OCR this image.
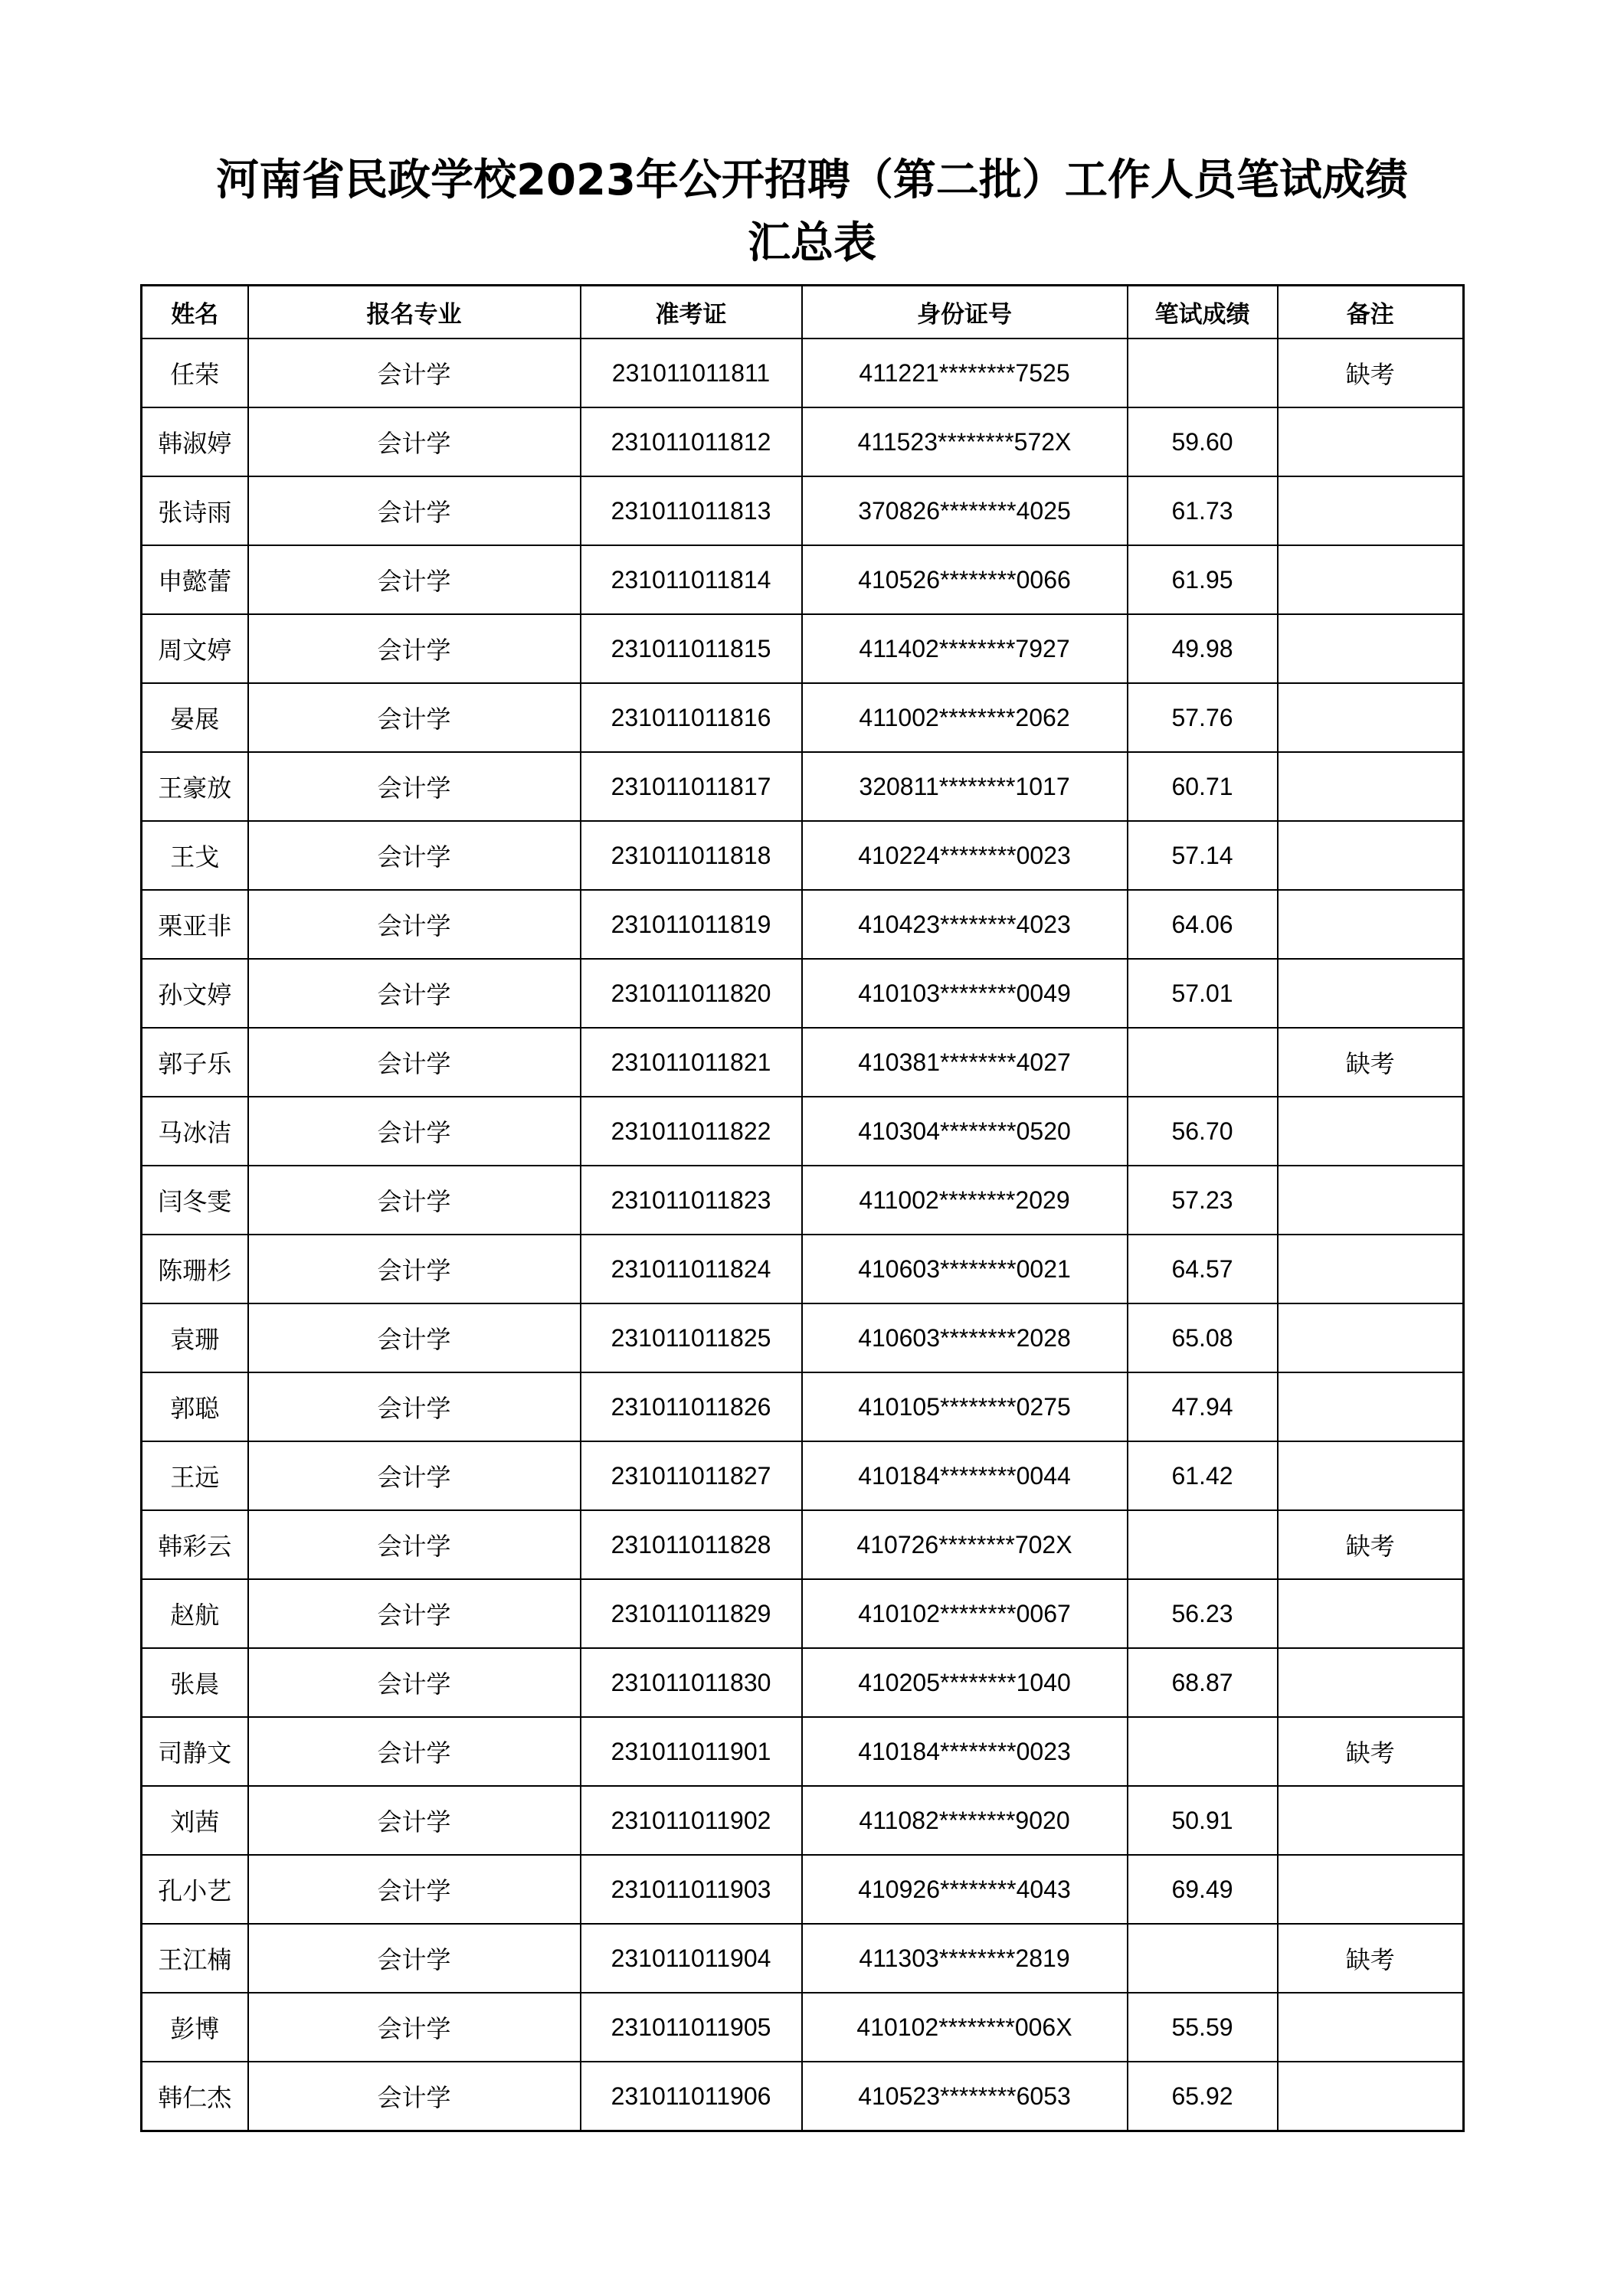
河南省民政学校2023年公开招聘（第二批）工作人员笔试成绩
汇总表
姓名	报名专业	准考证	身份证号	笔试成绩	备注
任荣	会计学	231011011811	411221********7525		缺考
韩淑婷	会计学	231011011812	411523********572X	59.60	
张诗雨	会计学	231011011813	370826********4025	61.73	
申懿蕾	会计学	231011011814	410526********0066	61.95	
周文婷	会计学	231011011815	411402********7927	49.98	
晏展	会计学	231011011816	411002********2062	57.76	
王豪放	会计学	231011011817	320811********1017	60.71	
王戈	会计学	231011011818	410224********0023	57.14	
栗亚非	会计学	231011011819	410423********4023	64.06	
孙文婷	会计学	231011011820	410103********0049	57.01	
郭子乐	会计学	231011011821	410381********4027		缺考
马冰洁	会计学	231011011822	410304********0520	56.70	
闫冬雯	会计学	231011011823	411002********2029	57.23	
陈珊杉	会计学	231011011824	410603********0021	64.57	
袁珊	会计学	231011011825	410603********2028	65.08	
郭聪	会计学	231011011826	410105********0275	47.94	
王远	会计学	231011011827	410184********0044	61.42	
韩彩云	会计学	231011011828	410726********702X		缺考
赵航	会计学	231011011829	410102********0067	56.23	
张晨	会计学	231011011830	410205********1040	68.87	
司静文	会计学	231011011901	410184********0023		缺考
刘茜	会计学	231011011902	411082********9020	50.91	
孔小艺	会计学	231011011903	410926********4043	69.49	
王江楠	会计学	231011011904	411303********2819		缺考
彭博	会计学	231011011905	410102********006X	55.59	
韩仁杰	会计学	231011011906	410523********6053	65.92	
